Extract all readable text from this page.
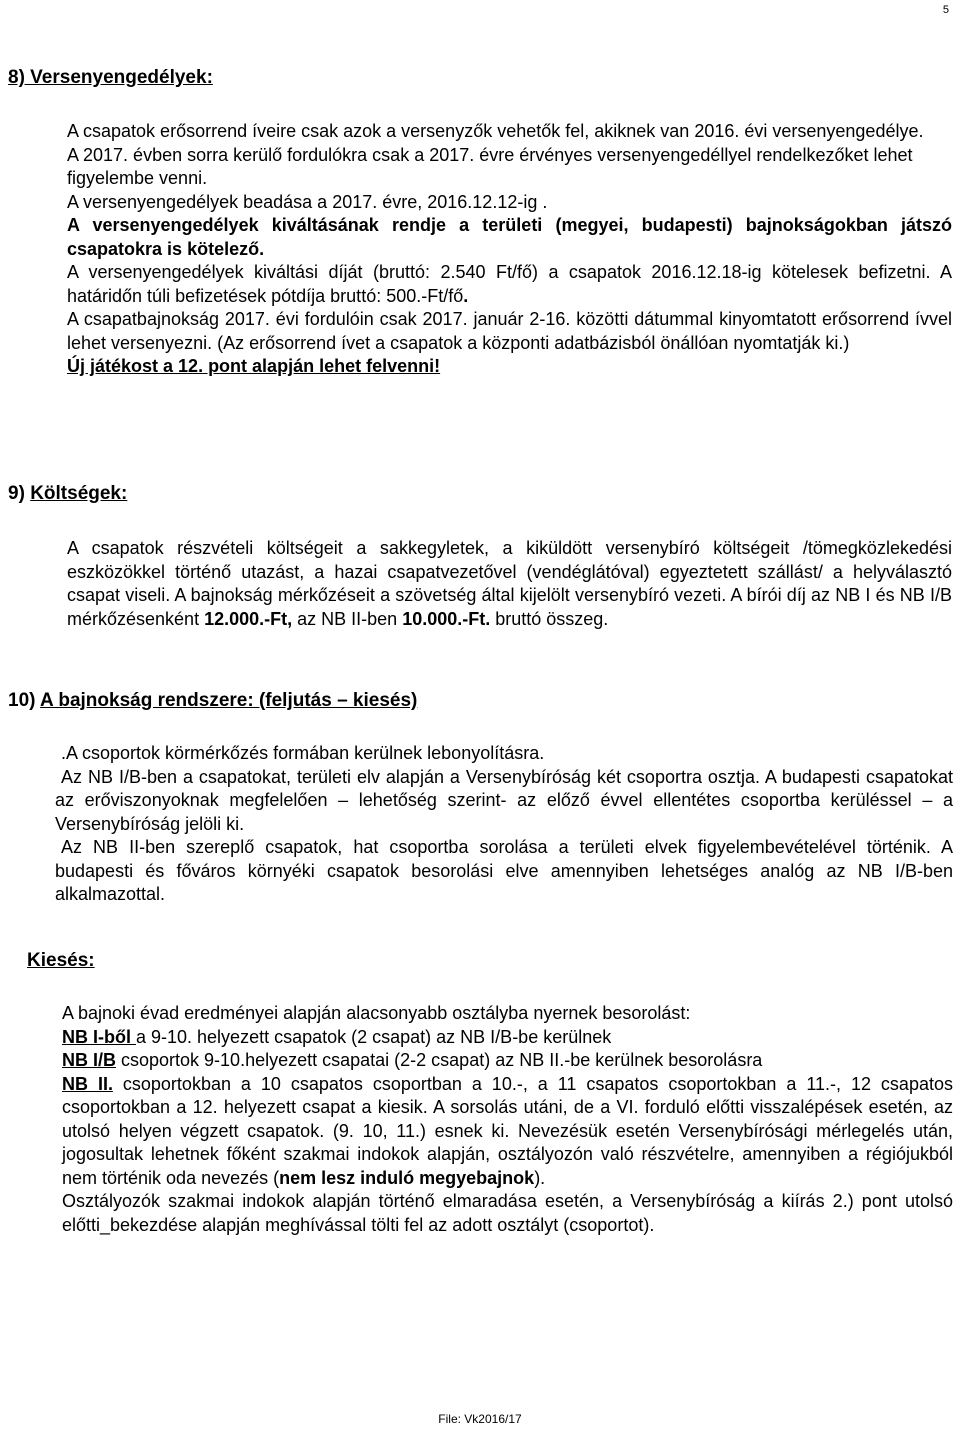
5
8) Versenyengedélyek:

A csapatok erősorrend íveire csak azok a versenyzők vehetők fel, akiknek van 2016. évi versenyengedélye.

A 2017. évben sorra kerülő fordulókra csak a 2017. évre érvényes versenyengedéllyel rendelkezőket lehet figyelembe venni.

A versenyengedélyek beadása a 2017. évre, 2016.12.12-ig .

A versenyengedélyek kiváltásának rendje a területi (megyei, budapesti) bajnokságokban játszó csapatokra is kötelező.

A versenyengedélyek kiváltási díját (bruttó: 2.540 Ft/fő) a csapatok 2016.12.18-ig kötelesek befizetni. A határidőn túli befizetések pótdíja bruttó: 500.-Ft/fő.

A csapatbajnokság 2017. évi fordulóin csak 2017. január 2-16. közötti dátummal kinyomtatott erősorrend ívvel lehet versenyezni. (Az erősorrend ívet a csapatok a központi adatbázisból önállóan nyomtatják ki.)

Új játékost a 12. pont alapján lehet felvenni!

9) Költségek:
A csapatok részvételi költségeit a sakkegyletek, a kiküldött versenybíró költségeit /tömegközlekedési eszközökkel történő utazást, a hazai csapatvezetővel (vendéglátóval) egyeztetett szállást/ a helyválasztó csapat viseli. A bajnokság mérkőzéseit a szövetség által kijelölt versenybíró vezeti. A bírói díj az NB I és NB I/B mérkőzésenként 12.000.-Ft, az NB II-ben 10.000.-Ft. bruttó összeg.
10) A bajnokság rendszere: (feljutás – kiesés)

.A csoportok körmérkőzés formában kerülnek lebonyolításra.

Az NB I/B-ben a csapatokat, területi elv alapján a Versenybíróság két csoportra osztja. A budapesti csapatokat az erőviszonyoknak megfelelően – lehetőség szerint- az előző évvel ellentétes csoportba kerüléssel – a Versenybíróság jelöli ki.

Az NB II-ben szereplő csapatok, hat csoportba sorolása a területi elvek figyelembevételével történik. A budapesti és főváros környéki csapatok besorolási elve amennyiben lehetséges analóg az NB I/B-ben alkalmazottal.

Kiesés:

A bajnoki évad eredményei alapján alacsonyabb osztályba nyernek besorolást:

NB I-ből a 9-10. helyezett csapatok (2 csapat) az NB I/B-be kerülnek

NB I/B csoportok 9-10.helyezett csapatai (2-2 csapat) az NB II.-be kerülnek besorolásra

NB II. csoportokban a 10 csapatos csoportban a 10.-, a 11 csapatos csoportokban a 11.-, 12 csapatos csoportokban a 12. helyezett csapat a kiesik. A sorsolás utáni, de a VI. forduló előtti visszalépések esetén, az utolsó helyen végzett csapatok. (9. 10, 11.) esnek ki. Nevezésük esetén Versenybírósági mérlegelés után, jogosultak lehetnek főként szakmai indokok alapján, osztályozón való részvételre, amennyiben a régiójukból nem történik oda nevezés (nem lesz induló megyebajnok).

Osztályozók szakmai indokok alapján történő elmaradása esetén, a Versenybíróság a kiírás 2.) pont utolsó előtti_bekezdése alapján meghívással tölti fel az adott osztályt (csoportot).

File: Vk2016/17
